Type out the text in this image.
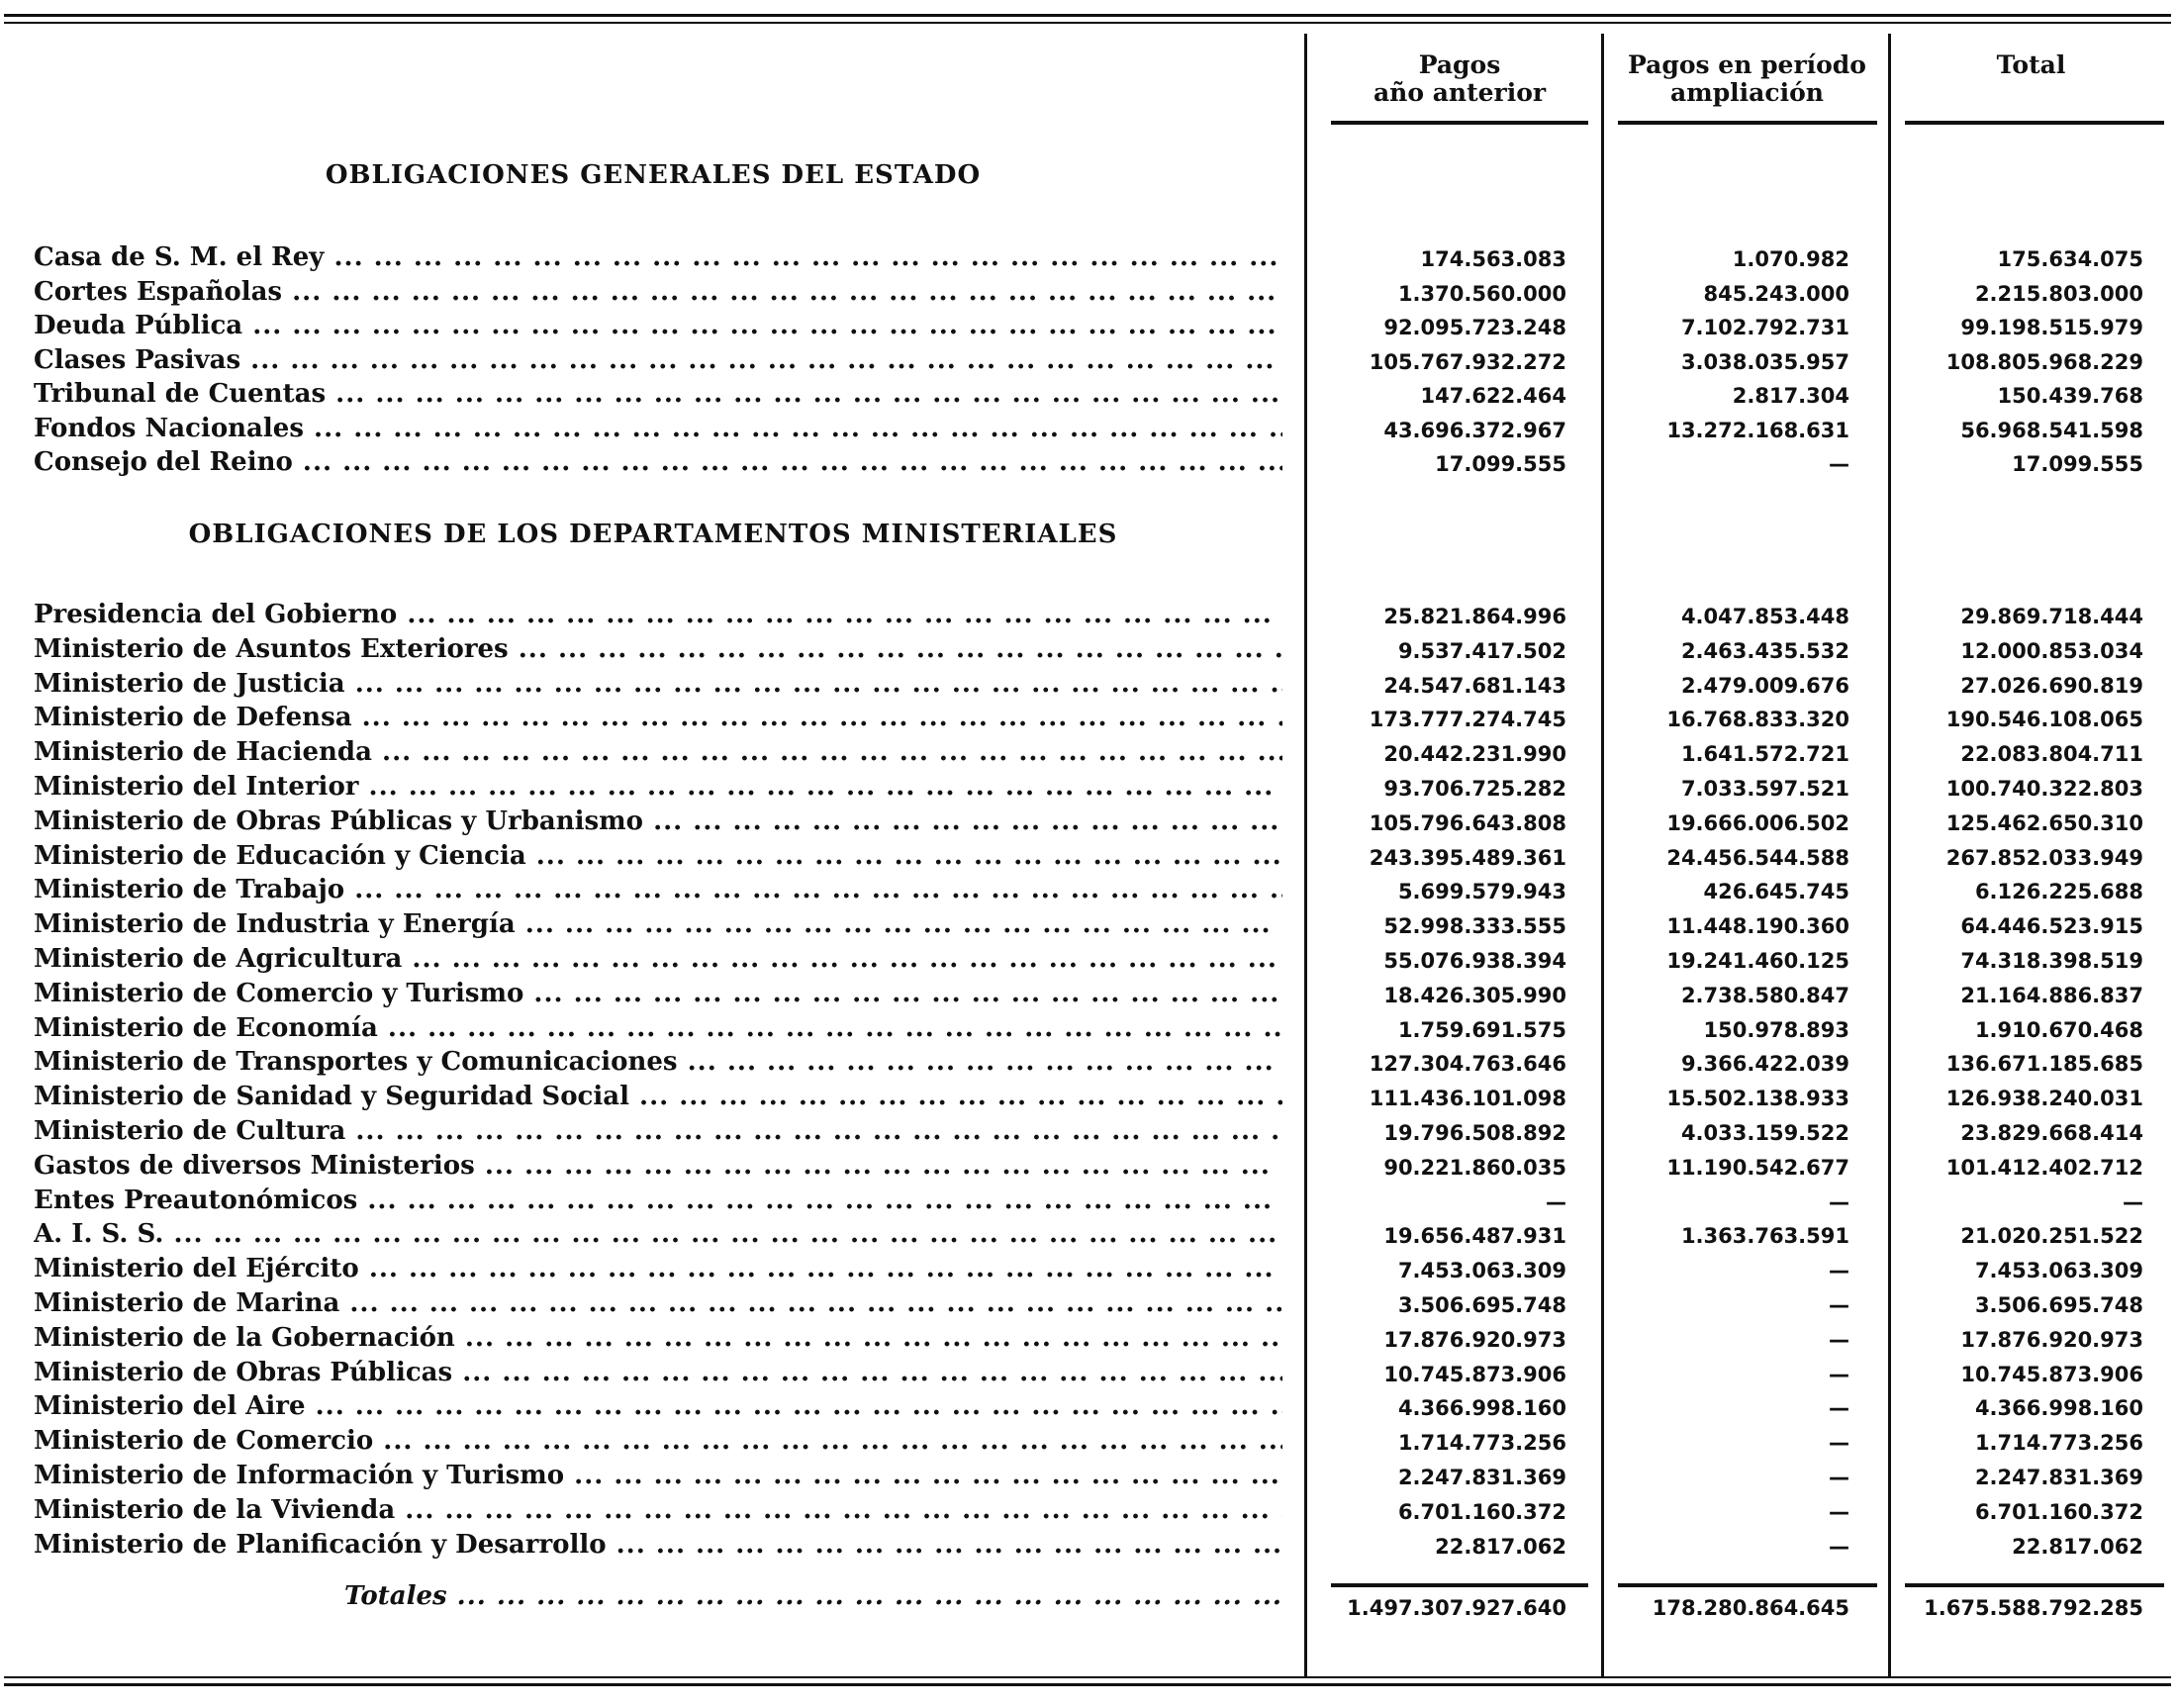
Pagos
año anterior
Pagos en período
ampliación
Total
OBLIGACIONES GENERALES DEL ESTADO
Casa de S. M. el Rey ... .	174.563.083	1.070.982	175.634.075
Cortes Españolas ... .	1.370.560.000	845.243.000	2.215.803.000
Deuda Pública ... .	92.095.723.248	7.102.792.731	99.198.515.979
Clases Pasivas ... .	105.767.932.272	3.038.035.957	108.805.968.229
Tribunal de Cuentas ... .	147.622.464	2.817.304	150.439.768
Fondos Nacionales ... .	43.696.372.967	13.272.168.631	56.968.541.598
Consejo del Reino ... .	17.099.555	—	17.099.555
OBLIGACIONES DE LOS DEPARTAMENTOS MINISTERIALES
Presidencia del Gobierno ... .	25.821.864.996	4.047.853.448	29.869.718.444
Ministerio de Asuntos Exteriores ... .	9.537.417.502	2.463.435.532	12.000.853.034
Ministerio de Justicia ... .	24.547.681.143	2.479.009.676	27.026.690.819
Ministerio de Defensa ... .	173.777.274.745	16.768.833.320	190.546.108.065
Ministerio de Hacienda ... .	20.442.231.990	1.641.572.721	22.083.804.711
Ministerio del Interior ... .	93.706.725.282	7.033.597.521	100.740.322.803
Ministerio de Obras Públicas y Urbanismo ... .	105.796.643.808	19.666.006.502	125.462.650.310
Ministerio de Educación y Ciencia ... .	243.395.489.361	24.456.544.588	267.852.033.949
Ministerio de Trabajo ... .	5.699.579.943	426.645.745	6.126.225.688
Ministerio de Industria y Energía ... .	52.998.333.555	11.448.190.360	64.446.523.915
Ministerio de Agricultura ... .	55.076.938.394	19.241.460.125	74.318.398.519
Ministerio de Comercio y Turismo ... .	18.426.305.990	2.738.580.847	21.164.886.837
Ministerio de Economía ... .	1.759.691.575	150.978.893	1.910.670.468
Ministerio de Transportes y Comunicaciones ... .	127.304.763.646	9.366.422.039	136.671.185.685
Ministerio de Sanidad y Seguridad Social ... .	111.436.101.098	15.502.138.933	126.938.240.031
Ministerio de Cultura ... .	19.796.508.892	4.033.159.522	23.829.668.414
Gastos de diversos Ministerios ... .	90.221.860.035	11.190.542.677	101.412.402.712
Entes Preautonómicos ... .	—	—	—
A. I. S. S. ... .	19.656.487.931	1.363.763.591	21.020.251.522
Ministerio del Ejército ... .	7.453.063.309	—	7.453.063.309
Ministerio de Marina ... .	3.506.695.748	—	3.506.695.748
Ministerio de la Gobernación ... .	17.876.920.973	—	17.876.920.973
Ministerio de Obras Públicas ... .	10.745.873.906	—	10.745.873.906
Ministerio del Aire ... .	4.366.998.160	—	4.366.998.160
Ministerio de Comercio ... .	1.714.773.256	—	1.714.773.256
Ministerio de Información y Turismo ... .	2.247.831.369	—	2.247.831.369
Ministerio de la Vivienda ... .	6.701.160.372	—	6.701.160.372
Ministerio de Planificación y Desarrollo ... .	22.817.062	—	22.817.062
Totales ... .	1.497.307.927.640	178.280.864.645	1.675.588.792.285
